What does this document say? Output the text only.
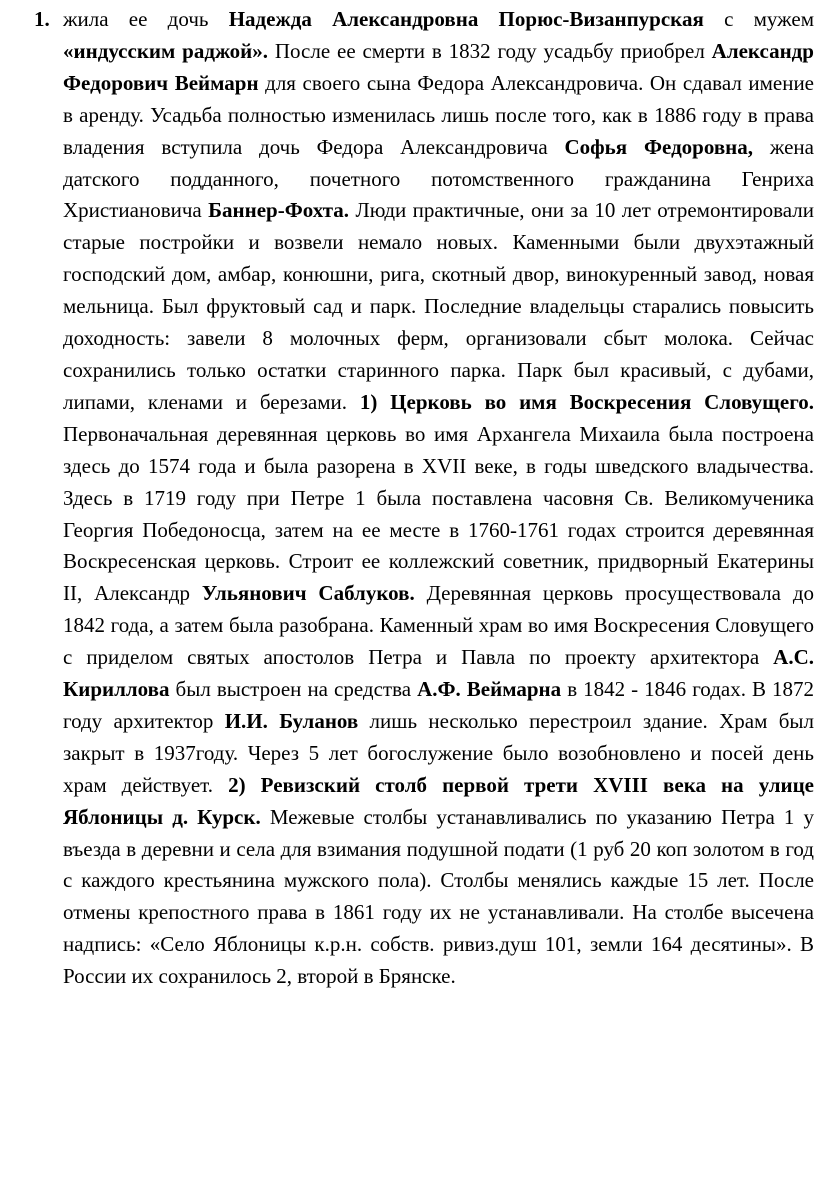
1. жила ее дочь Надежда Александровна Порюс-Визанпурская с мужем «индусским раджой». После ее смерти в 1832 году усадьбу приобрел Александр Федорович Веймарн для своего сына Федора Александровича. Он сдавал имение в аренду. Усадьба полностью изменилась лишь после того, как в 1886 году в права владения вступила дочь Федора Александровича Софья Федоровна, жена датского подданного, почетного потомственного гражданина Генриха Христиановича Баннер-Фохта. Люди практичные, они за 10 лет отремонтировали старые постройки и возвели немало новых. Каменными были двухэтажный господский дом, амбар, конюшни, рига, скотный двор, винокуренный завод, новая мельница. Был фруктовый сад и парк. Последние владельцы старались повысить доходность: завели 8 молочных ферм, организовали сбыт молока. Сейчас сохранились только остатки старинного парка. Парк был красивый, с дубами, липами, кленами и березами. 1) Церковь во имя Воскресения Словущего. Первоначальная деревянная церковь во имя Архангела Михаила была построена здесь до 1574 года и была разорена в XVII веке, в годы шведского владычества. Здесь в 1719 году при Петре 1 была поставлена часовня Св. Великомученика Георгия Победоносца, затем на ее месте в 1760-1761 годах строится деревянная Воскресенская церковь. Строит ее коллежский советник, придворный Екатерины II, Александр Ульянович Саблуков. Деревянная церковь просуществовала до 1842 года, а затем была разобрана. Каменный храм во имя Воскресения Словущего с приделом святых апостолов Петра и Павла по проекту архитектора А.С. Кириллова был выстроен на средства А.Ф. Веймарна в 1842 - 1846 годах. В 1872 году архитектор И.И. Буланов лишь несколько перестроил здание. Храм был закрыт в 1937году. Через 5 лет богослужение было возобновлено и посей день храм действует. 2) Ревизский столб первой трети XVIII века на улице Яблоницы д. Курск. Межевые столбы устанавливались по указанию Петра 1 у въезда в деревни и села для взимания подушной подати (1 руб 20 коп золотом в год с каждого крестьянина мужского пола). Столбы менялись каждые 15 лет. После отмены крепостного права в 1861 году их не устанавливали. На столбе высечена надпись: «Село Яблоницы к.р.н. собств. ривиз.душ 101, земли 164 десятины». В России их сохранилось 2, второй в Брянске.
